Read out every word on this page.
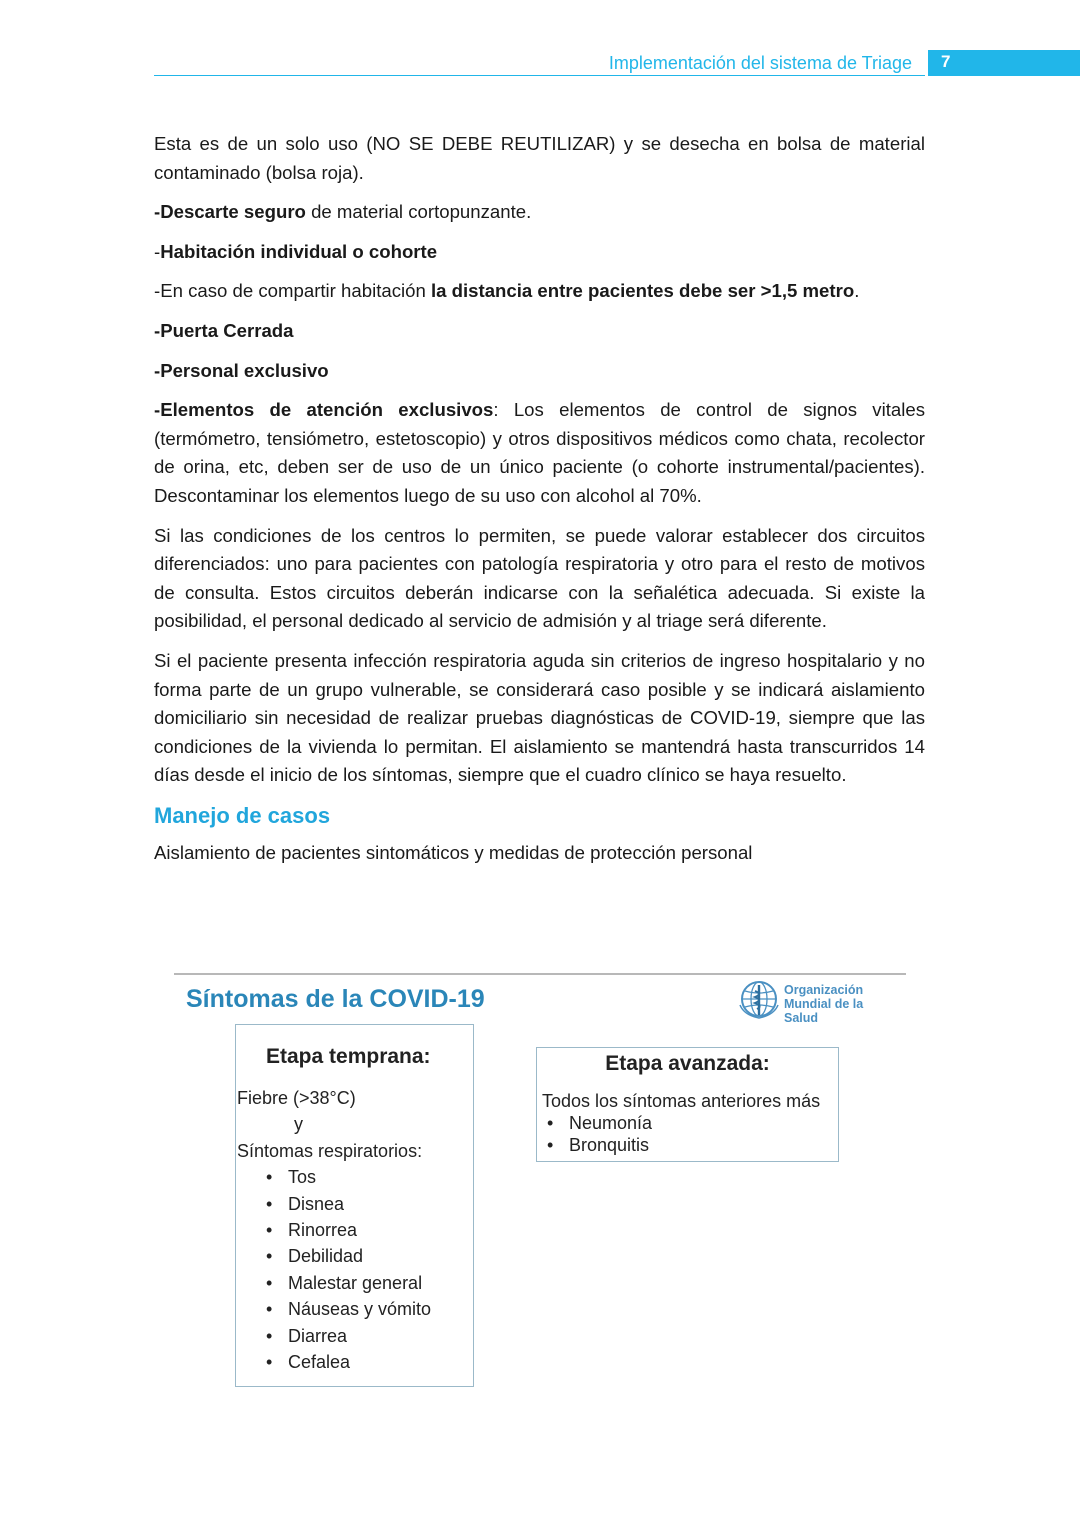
Implementación del sistema de Triage 7

Esta es de un solo uso (NO SE DEBE REUTILIZAR) y se desecha en bolsa de material contaminado (bolsa roja).

-Descarte seguro de material cortopunzante.

-Habitación individual o cohorte

-En caso de compartir habitación la distancia entre pacientes debe ser >1,5 metro.

-Puerta Cerrada

-Personal exclusivo

-Elementos de atención exclusivos: Los elementos de control de signos vitales (termómetro, tensiómetro, estetoscopio) y otros dispositivos médicos como chata, recolector de orina, etc, deben ser de uso de un único paciente (o cohorte instrumental/pacientes). Descontaminar los elementos luego de su uso con alcohol al 70%.

Si las condiciones de los centros lo permiten, se puede valorar establecer dos circuitos diferenciados: uno para pacientes con patología respiratoria y otro para el resto de motivos de consulta. Estos circuitos deberán indicarse con la señalética adecuada. Si existe la posibilidad, el personal dedicado al servicio de admisión y al triage será diferente.

Si el paciente presenta infección respiratoria aguda sin criterios de ingreso hospitalario y no forma parte de un grupo vulnerable, se considerará caso posible y se indicará aislamiento domiciliario sin necesidad de realizar pruebas diagnósticas de COVID-19, siempre que las condiciones de la vivienda lo permitan. El aislamiento se mantendrá hasta transcurridos 14 días desde el inicio de los síntomas, siempre que el cuadro clínico se haya resuelto.

Manejo de casos

Aislamiento de pacientes sintomáticos y medidas de protección personal

Síntomas de la COVID-19	Organización
Mundial de la Salud
Etapa temprana:
Fiebre (>38°C)
y
Síntomas respiratorios:
• Tos
• Disnea
• Rinorrea
• Debilidad
• Malestar general
• Náuseas y vómito
• Diarrea
• Cefalea
Etapa avanzada:
Todos los síntomas anteriores más
• Neumonía
• Bronquitis
